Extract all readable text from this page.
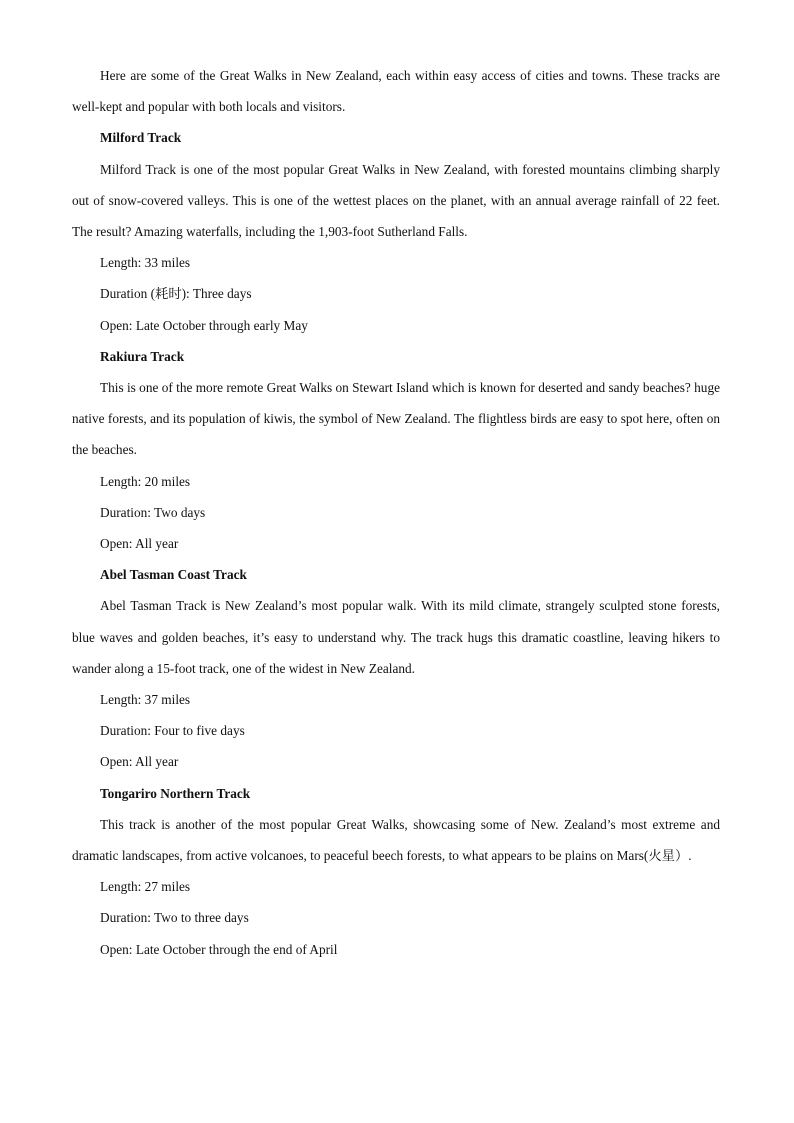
Here are some of the Great Walks in New Zealand, each within easy access of cities and towns. These tracks are well-kept and popular with both locals and visitors.

Milford Track

Milford Track is one of the most popular Great Walks in New Zealand, with forested mountains climbing sharply out of snow-covered valleys. This is one of the wettest places on the planet, with an annual average rainfall of 22 feet. The result? Amazing waterfalls, including the 1,903-foot Sutherland Falls.

Length: 33 miles

Duration (耗时): Three days

Open: Late October through early May

Rakiura Track

This is one of the more remote Great Walks on Stewart Island which is known for deserted and sandy beaches? huge native forests, and its population of kiwis, the symbol of New Zealand. The flightless birds are easy to spot here, often on the beaches.

Length: 20 miles

Duration: Two days

Open: All year

Abel Tasman Coast Track

Abel Tasman Track is New Zealand’s most popular walk. With its mild climate, strangely sculpted stone forests, blue waves and golden beaches, it’s easy to understand why. The track hugs this dramatic coastline, leaving hikers to wander along a 15-foot track, one of the widest in New Zealand.

Length: 37 miles

Duration: Four to five days

Open: All year

Tongariro Northern Track

This track is another of the most popular Great Walks, showcasing some of New. Zealand’s most extreme and dramatic landscapes, from active volcanoes, to peaceful beech forests, to what appears to be plains on Mars(火星）.

Length: 27 miles

Duration: Two to three days

Open: Late October through the end of April
